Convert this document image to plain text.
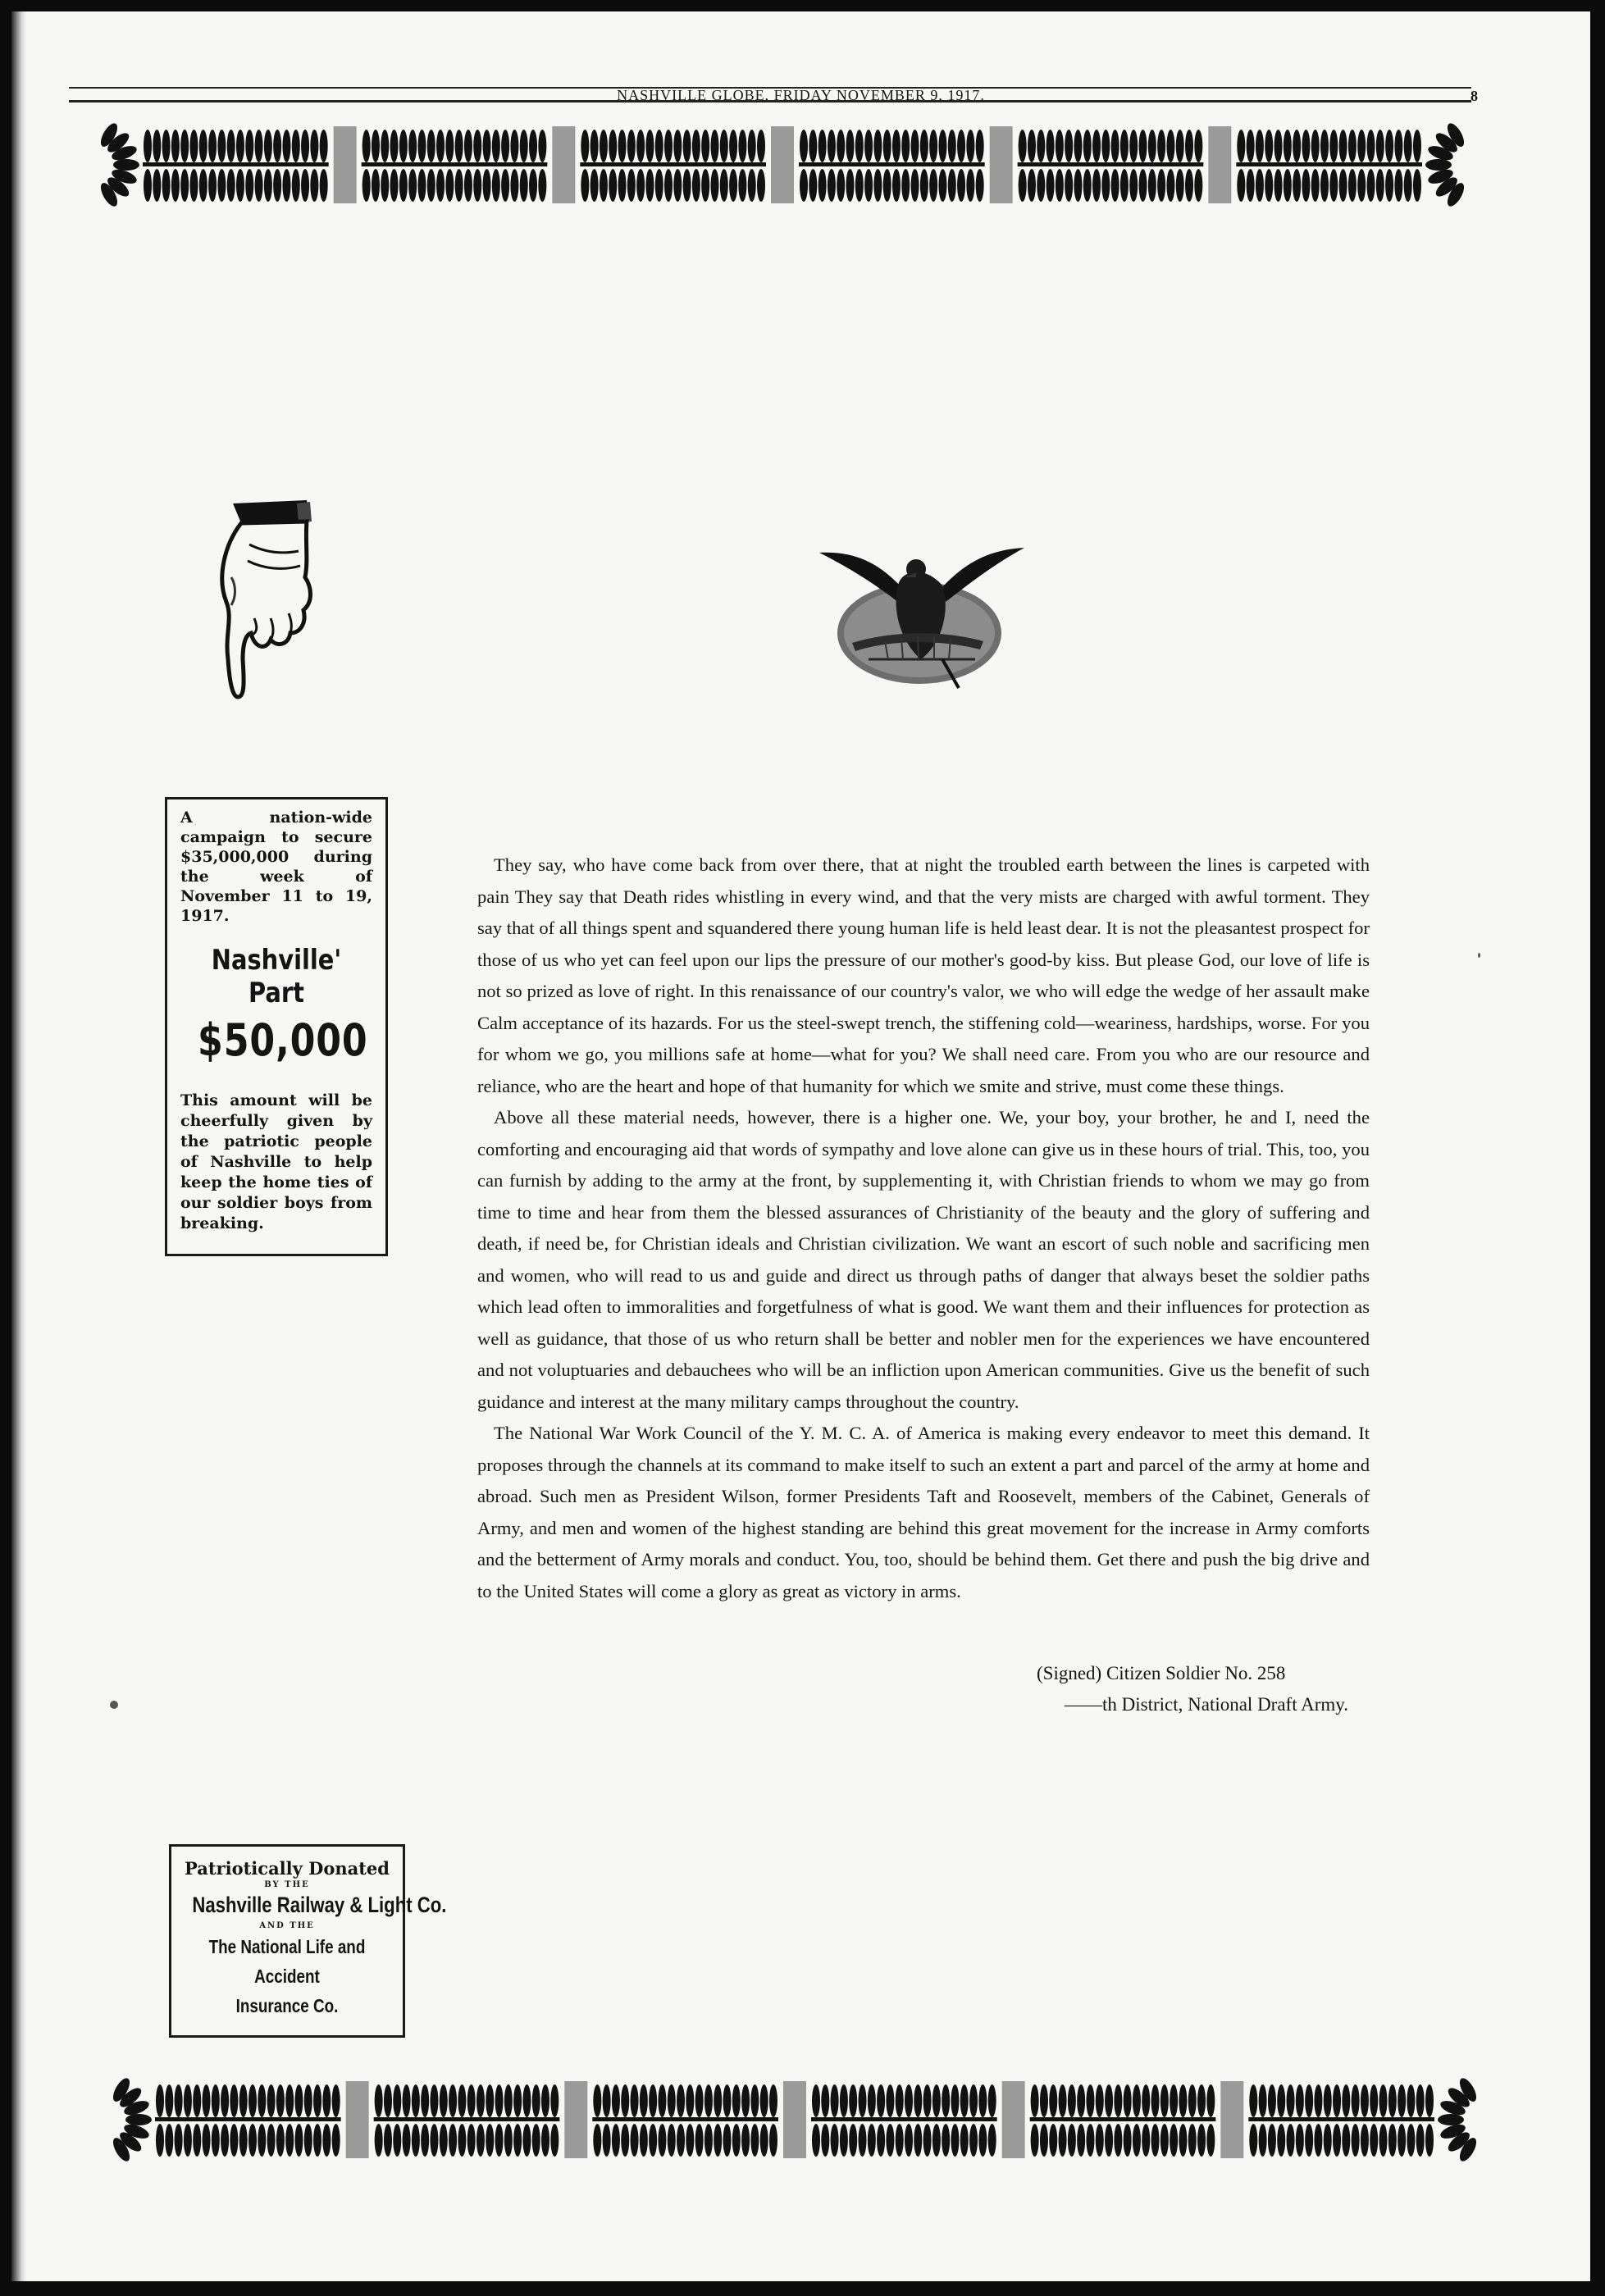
NASHVILLE GLOBE, FRIDAY NOVEMBER 9, 1917.	8
A nation-wide campaign to secure $35,000,000 during the week of November 11 to 19, 1917.
Nashville' Part
$50,000
This amount will be cheerfully given by the patriotic people of Nashville to help keep the home ties of our soldier boys from breaking.

They say, who have come back from over there, that at night the troubled earth between the lines is carpeted with pain They say that Death rides whistling in every wind, and that the very mists are charged with awful torment. They say that of all things spent and squandered there young human life is held least dear. It is not the pleasantest prospect for those of us who yet can feel upon our lips the pressure of our mother's good-by kiss. But please God, our love of life is not so prized as love of right. In this renaissance of our country's valor, we who will edge the wedge of her assault make Calm acceptance of its hazards. For us the steel-swept trench, the stiffening cold—weariness, hardships, worse. For you for whom we go, you millions safe at home—what for you? We shall need care. From you who are our resource and reliance, who are the heart and hope of that humanity for which we smite and strive, must come these things.

Above all these material needs, however, there is a higher one. We, your boy, your brother, he and I, need the comforting and encouraging aid that words of sympathy and love alone can give us in these hours of trial. This, too, you can furnish by adding to the army at the front, by supplementing it, with Christian friends to whom we may go from time to time and hear from them the blessed assurances of Christianity of the beauty and the glory of suffering and death, if need be, for Christian ideals and Christian civilization. We want an escort of such noble and sacrificing men and women, who will read to us and guide and direct us through paths of danger that always beset the soldier paths which lead often to immoralities and forgetfulness of what is good. We want them and their influences for protection as well as guidance, that those of us who return shall be better and nobler men for the experiences we have encountered and not voluptuaries and debauchees who will be an infliction upon American communities. Give us the benefit of such guidance and interest at the many military camps throughout the country.

The National War Work Council of the Y. M. C. A. of America is making every endeavor to meet this demand. It proposes through the channels at its command to make itself to such an extent a part and parcel of the army at home and abroad. Such men as President Wilson, former Presidents Taft and Roosevelt, members of the Cabinet, Generals of Army, and men and women of the highest standing are behind this great movement for the increase in Army comforts and the betterment of Army morals and conduct. You, too, should be behind them. Get there and push the big drive and to the United States will come a glory as great as victory in arms.

(Signed) Citizen Soldier No. 258
——th District, National Draft Army.
Patriotically Donated
BY THE
Nashville Railway & Light Co.
AND THE
The National Life and Accident
Insurance Co.
